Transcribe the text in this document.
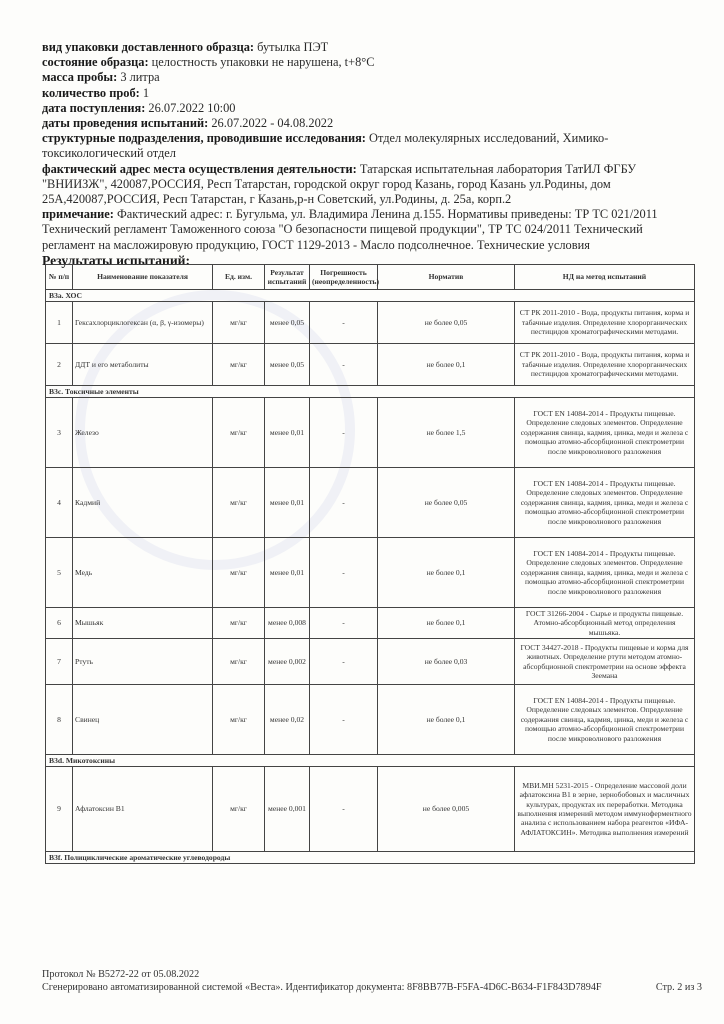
вид упаковки доставленного образца: бутылка ПЭТ

состояние образца: целостность упаковки не нарушена, t+8°C

масса пробы: 3 литра

количество проб: 1

дата поступления: 26.07.2022 10:00

даты проведения испытаний: 26.07.2022 - 04.08.2022

структурные подразделения, проводившие исследования: Отдел молекулярных исследований, Химико-токсикологический отдел

фактический адрес места осуществления деятельности: Татарская испытательная лаборатория ТатИЛ ФГБУ "ВНИИЗЖ", 420087,РОССИЯ, Респ Татарстан, городской округ город Казань, город Казань ул.Родины, дом 25А,420087,РОССИЯ, Респ Татарстан, г Казань,р-н Советский, ул.Родины, д. 25а, корп.2

примечание: Фактический адрес: г. Бугульма, ул. Владимира Ленина д.155. Нормативы приведены: ТР ТС 021/2011 Технический регламент Таможенного союза "О безопасности пищевой продукции", ТР ТС 024/2011 Технический регламент на масложировую продукцию, ГОСТ 1129-2013 - Масло подсолнечное. Технические условия

Результаты испытаний:

№ п/п	Наименование показателя	Ед. изм.	Результат испытаний	Погрешность (неопределенность)	Норматив	НД на метод испытаний
В3а. ХОС						
1	Гексахлорциклогексан (α, β, γ-изомеры)	мг/кг	менее 0,05	-	не более 0,05	СТ РК 2011-2010 - Вода, продукты питания, корма и табачные изделия. Определение хлорорганических пестицидов хроматографическими методами.
2	ДДТ и его метаболиты	мг/кг	менее 0,05	-	не более 0,1	СТ РК 2011-2010 - Вода, продукты питания, корма и табачные изделия. Определение хлорорганических пестицидов хроматографическими методами.
В3с. Токсичные элементы						
3	Железо	мг/кг	менее 0,01	-	не более 1,5	ГОСТ EN 14084-2014 - Продукты пищевые. Определение следовых элементов. Определение содержания свинца, кадмия, цинка, меди и железа с помощью атомно-абсорбционной спектрометрии после микроволнового разложения
4	Кадмий	мг/кг	менее 0,01	-	не более 0,05	ГОСТ EN 14084-2014 - Продукты пищевые. Определение следовых элементов. Определение содержания свинца, кадмия, цинка, меди и железа с помощью атомно-абсорбционной спектрометрии после микроволнового разложения
5	Медь	мг/кг	менее 0,01	-	не более 0,1	ГОСТ EN 14084-2014 - Продукты пищевые. Определение следовых элементов. Определение содержания свинца, кадмия, цинка, меди и железа с помощью атомно-абсорбционной спектрометрии после микроволнового разложения
6	Мышьяк	мг/кг	менее 0,008	-	не более 0,1	ГОСТ 31266-2004 - Сырье и продукты пищевые. Атомно-абсорбционный метод определения мышьяка.
7	Ртуть	мг/кг	менее 0,002	-	не более 0,03	ГОСТ 34427-2018 - Продукты пищевые и корма для животных. Определение ртути методом атомно-абсорбционной спектрометрии на основе эффекта Зеемана
8	Свинец	мг/кг	менее 0,02	-	не более 0,1	ГОСТ EN 14084-2014 - Продукты пищевые. Определение следовых элементов. Определение содержания свинца, кадмия, цинка, меди и железа с помощью атомно-абсорбционной спектрометрии после микроволнового разложения
В3d. Микотоксины						
9	Афлатоксин В1	мг/кг	менее 0,001	-	не более 0,005	МВИ.МН 5231-2015 - Определение массовой доли афлатоксина В1 в зерне, зернобобовых и масличных культурах, продуктах их переработки. Методика выполнения измерений методом иммуноферментного анализа с использованием набора реагентов «ИФА-АФЛАТОКСИН». Методика выполнения измерений
В3f. Полициклические ароматические углеводороды						
Протокол № В5272-22 от 05.08.2022
Сгенерировано автоматизированной системой «Веста». Идентификатор документа: 8F8BB77B-F5FA-4D6C-B634-F1F843D7894F	Стр. 2 из 3
